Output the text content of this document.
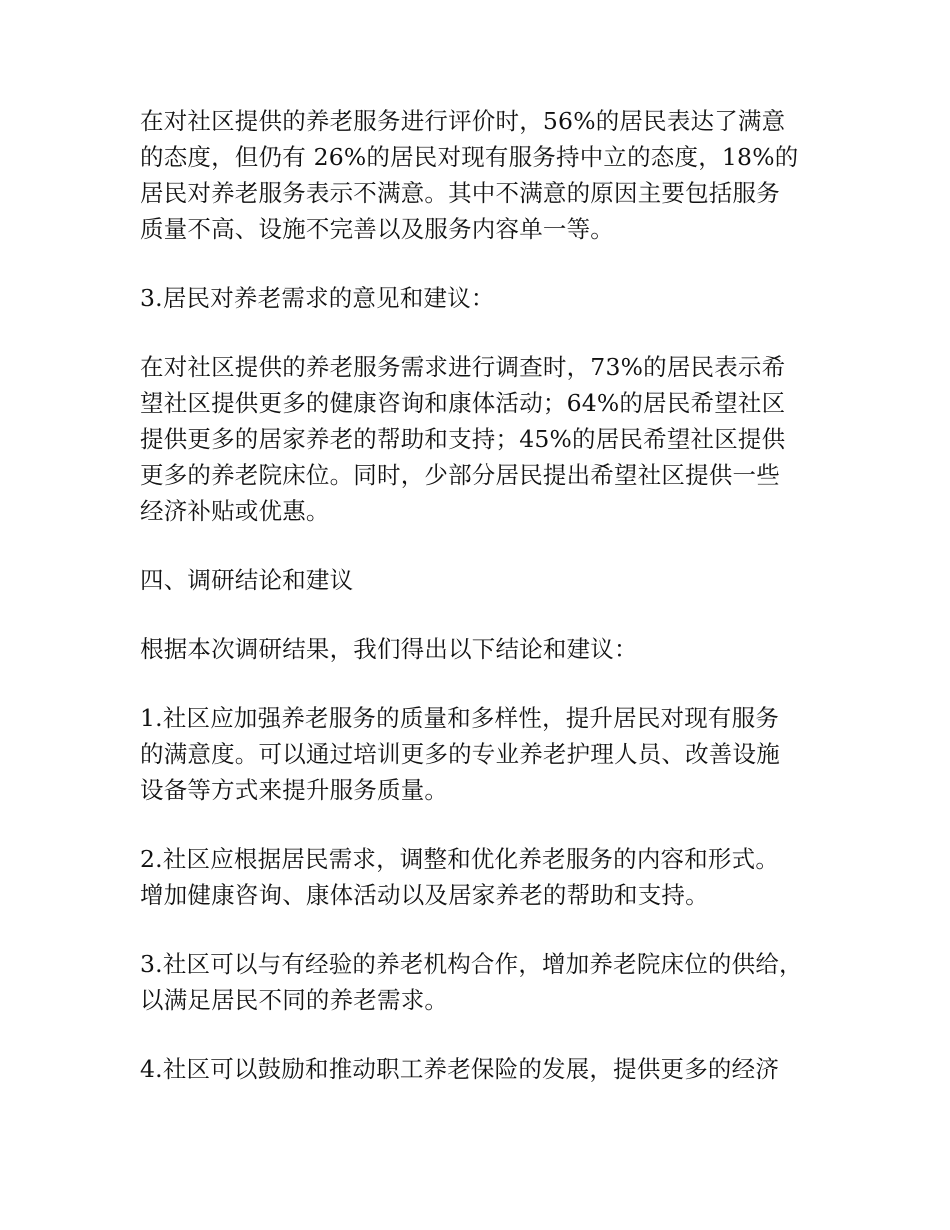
在对社区提供的养老服务进行评价时，56%的居民表达了满意
的态度，但仍有 26%的居民对现有服务持中立的态度，18%的
居民对养老服务表示不满意。其中不满意的原因主要包括服务
质量不高、设施不完善以及服务内容单一等。

3.居民对养老需求的意见和建议：

在对社区提供的养老服务需求进行调查时，73%的居民表示希
望社区提供更多的健康咨询和康体活动；64%的居民希望社区
提供更多的居家养老的帮助和支持；45%的居民希望社区提供
更多的养老院床位。同时，少部分居民提出希望社区提供一些
经济补贴或优惠。

四、调研结论和建议

根据本次调研结果，我们得出以下结论和建议：

1.社区应加强养老服务的质量和多样性，提升居民对现有服务
的满意度。可以通过培训更多的专业养老护理人员、改善设施
设备等方式来提升服务质量。

2.社区应根据居民需求，调整和优化养老服务的内容和形式。
增加健康咨询、康体活动以及居家养老的帮助和支持。

3.社区可以与有经验的养老机构合作，增加养老院床位的供给，
以满足居民不同的养老需求。

4.社区可以鼓励和推动职工养老保险的发展，提供更多的经济
